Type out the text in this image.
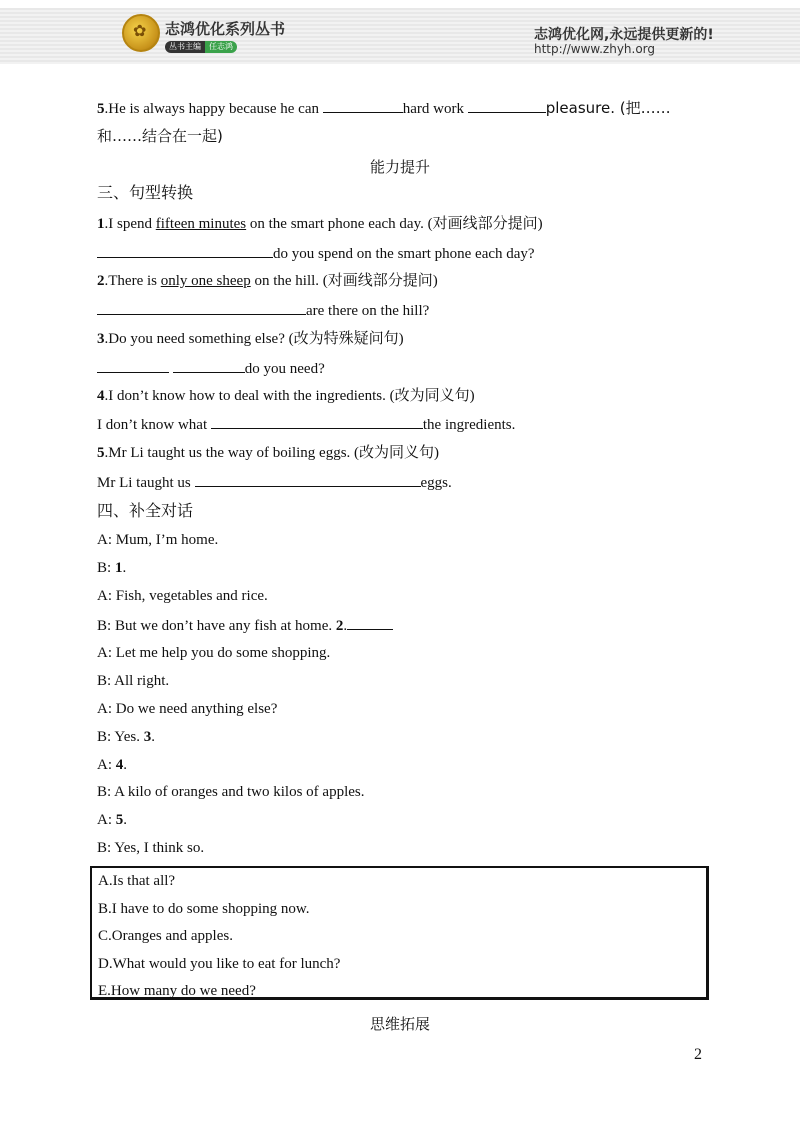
✿
志鸿优化系列丛书
丛书主编	任志鸿
志鸿优化网,永远提供更新的!
http://www.zhyh.org
5.He is always happy because he can	hard work	pleasure. (把……
和……结合在一起)
能力提升
三、句型转换
1.I spend fifteen minutes on the smart phone each day. (对画线部分提问)
do you spend on the smart phone each day?
2.There is only one sheep on the hill. (对画线部分提问)
are there on the hill?
3.Do you need something else? (改为特殊疑问句)
do you need?
4.I don’t know how to deal with the ingredients. (改为同义句)
I don’t know what	the ingredients.
5.Mr Li taught us the way of boiling eggs. (改为同义句)
Mr Li taught us	eggs.
四、补全对话
A: Mum, I’m home.
B: 1.
A: Fish, vegetables and rice.
B: But we don’t have any fish at home. 2.
A: Let me help you do some shopping.
B: All right.
A: Do we need anything else?
B: Yes. 3.
A: 4.
B: A kilo of oranges and two kilos of apples.
A: 5.
B: Yes, I think so.
A.Is that all?
B.I have to do some shopping now.
C.Oranges and apples.
D.What would you like to eat for lunch?
E.How many do we need?
思维拓展
2
